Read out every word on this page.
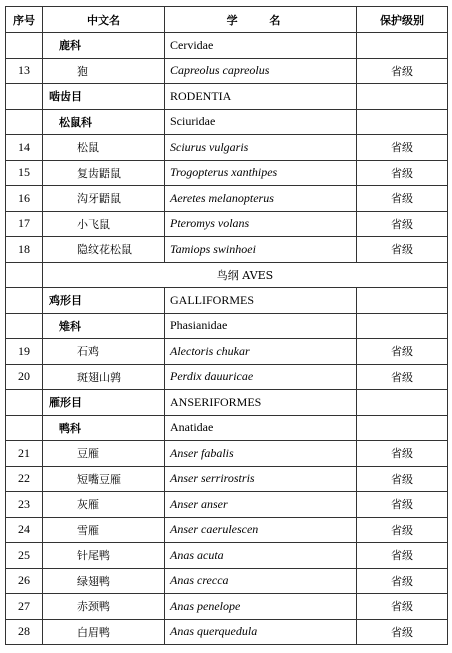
序号	中文名	学 名	保护级别
	鹿科	Cervidae	
13	狍	Capreolus capreolus	省级
	啮齿目	RODENTIA	
	松鼠科	Sciuridae	
14	松鼠	Sciurus vulgaris	省级
15	复齿鼯鼠	Trogopterus xanthipes	省级
16	沟牙鼯鼠	Aeretes melanopterus	省级
17	小飞鼠	Pteromys volans	省级
18	隐纹花松鼠	Tamiops swinhoei	省级
	鸟纲 AVES		
	鸡形目	GALLIFORMES	
	雉科	Phasianidae	
19	石鸡	Alectoris chukar	省级
20	斑翅山鹑	Perdix dauuricae	省级
	雁形目	ANSERIFORMES	
	鸭科	Anatidae	
21	豆雁	Anser fabalis	省级
22	短嘴豆雁	Anser serrirostris	省级
23	灰雁	Anser anser	省级
24	雪雁	Anser caerulescen	省级
25	针尾鸭	Anas acuta	省级
26	绿翅鸭	Anas crecca	省级
27	赤颈鸭	Anas penelope	省级
28	白眉鸭	Anas querquedula	省级
